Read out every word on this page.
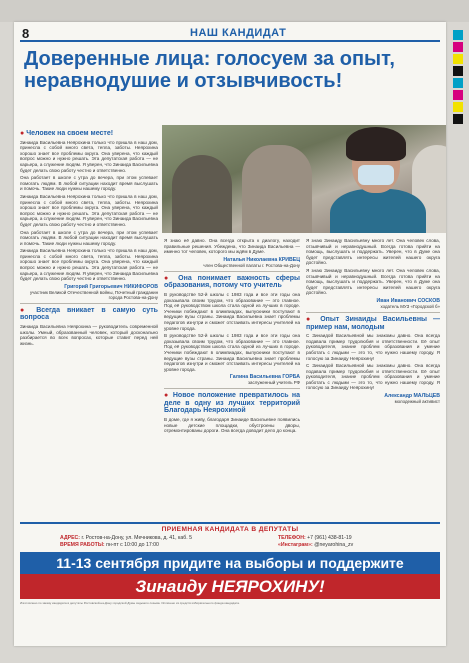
8	НАШ КАНДИДАТ
Доверенные лица: голосуем за опыт, неравнодушие и отзывчивость!
● Человек на своем месте!
Зинаида Васильевна Неярохина только что пришла в наш дом, принесла с собой много света, тепла, заботы. Неярохина хорошо знает все проблемы округа. Она уверена, что каждый вопрос можно и нужно решать. Эта депутатская работа — не карьера, а служение людям. Я уверен, что Зинаида Васильевна будет делать свою работу честно и ответственно.
Она работает в школе с утра до вечера, при этом успевает помогать людям. В любой ситуации находит время выслушать и помочь. Такие люди нужны нашему городу.
Зинаида Васильевна Неярохина только что пришла в наш дом, принесла с собой много света, тепла, заботы. Неярохина хорошо знает все проблемы округа. Она уверена, что каждый вопрос можно и нужно решать. Эта депутатская работа — не карьера, а служение людям. Я уверен, что Зинаида Васильевна будет делать свою работу честно и ответственно.
Она работает в школе с утра до вечера, при этом успевает помогать людям. В любой ситуации находит время выслушать и помочь. Такие люди нужны нашему городу.
Зинаида Васильевна Неярохина только что пришла в наш дом, принесла с собой много света, тепла, заботы. Неярохина хорошо знает все проблемы округа. Она уверена, что каждый вопрос можно и нужно решать. Эта депутатская работа — не карьера, а служение людям. Я уверен, что Зинаида Васильевна будет делать свою работу честно и ответственно.
Григорий Григорьевич НИКИФОРОВ
участник Великой Отечественной войны, Почетный гражданин города Ростова-на-Дону
● Всегда вникает в самую суть вопроса
Зинаида Васильевна Неярохина — руководитель современной школы. Умный, образованный человек, который досконально разбирается во всех вопросах, которые ставит перед ней жизнь.
Я знаю её давно. Она всегда открыта к диалогу, находит правильные решения. Убеждена, что Зинаида Васильевна — именно тот человек, которого мы ждём в Думе.
Наталья Николаевна КРИВЕЦ
член Общественной палаты г. Ростова-на-Дону
● Она понимает важность сферы образования, потому что учитель
В руководстве 52-й школы с 1983 года и все эти годы она доказывала своим трудом, что образование — это главное. Под её руководством школа стала одной из лучших в городе. Ученики побеждают в олимпиадах, выпускники поступают в ведущие вузы страны. Зинаида Васильевна знает проблемы педагогов изнутри и сможет отстаивать интересы учителей на уровне города.
В руководстве 52-й школы с 1983 года и все эти годы она доказывала своим трудом, что образование — это главное. Под её руководством школа стала одной из лучших в городе. Ученики побеждают в олимпиадах, выпускники поступают в ведущие вузы страны. Зинаида Васильевна знает проблемы педагогов изнутри и сможет отстаивать интересы учителей на уровне города.
Галина Васильевна ГОРБА
заслуженный учитель РФ
● Новое положение превратилось на деле в одну из лучших территорий Благодарь Неярохиной
В доме, где я живу, благодаря Зинаиде Васильевне появились новые детские площадки, обустроены дворы, отремонтированы дороги. Она всегда доводит дело до конца.
Я знаю Зинаиду Васильевну много лет. Она человек слова, отзывчивый и неравнодушный. Всегда готова прийти на помощь, выслушать и поддержать. Уверен, что в Думе она будет представлять интересы жителей нашего округа достойно.
Я знаю Зинаиду Васильевну много лет. Она человек слова, отзывчивый и неравнодушный. Всегда готова прийти на помощь, выслушать и поддержать. Уверен, что в Думе она будет представлять интересы жителей нашего округа достойно.
Иван Иванович СОСКОВ
ходатель МУЗ «Городской б»
● Опыт Зинаиды Васильевны — пример нам, молодым
С Зинаидой Васильевной мы знакомы давно. Она всегда подавала пример трудолюбия и ответственности. Её опыт руководителя, знание проблем образования и умение работать с людьми — это то, что нужно нашему городу. Я голосую за Зинаиду Неярохину!
С Зинаидой Васильевной мы знакомы давно. Она всегда подавала пример трудолюбия и ответственности. Её опыт руководителя, знание проблем образования и умение работать с людьми — это то, что нужно нашему городу. Я голосую за Зинаиду Неярохину!
Александр МАЛЬЦЕВ
молодежный активист
ПРИЕМНАЯ КАНДИДАТА В ДЕПУТАТЫ
АДРЕС: г. Ростов-на-Дону, ул. Мечникова, д. 41, каб. 5
ВРЕМЯ РАБОТЫ: пн-пт с 10:00 до 17:00
ТЕЛЕФОН: +7 (961) 438-81-19
«Инстаграм»: @neyarohina_zv
11-13 сентября придите на выборы и поддержите
Зинаиду НЕЯРОХИНУ!
Изготовлено по заказу кандидата в депутаты Ростовской-на-Дону городской Думы седьмого созыва. Оплачено из средств избирательного фонда кандидата.
